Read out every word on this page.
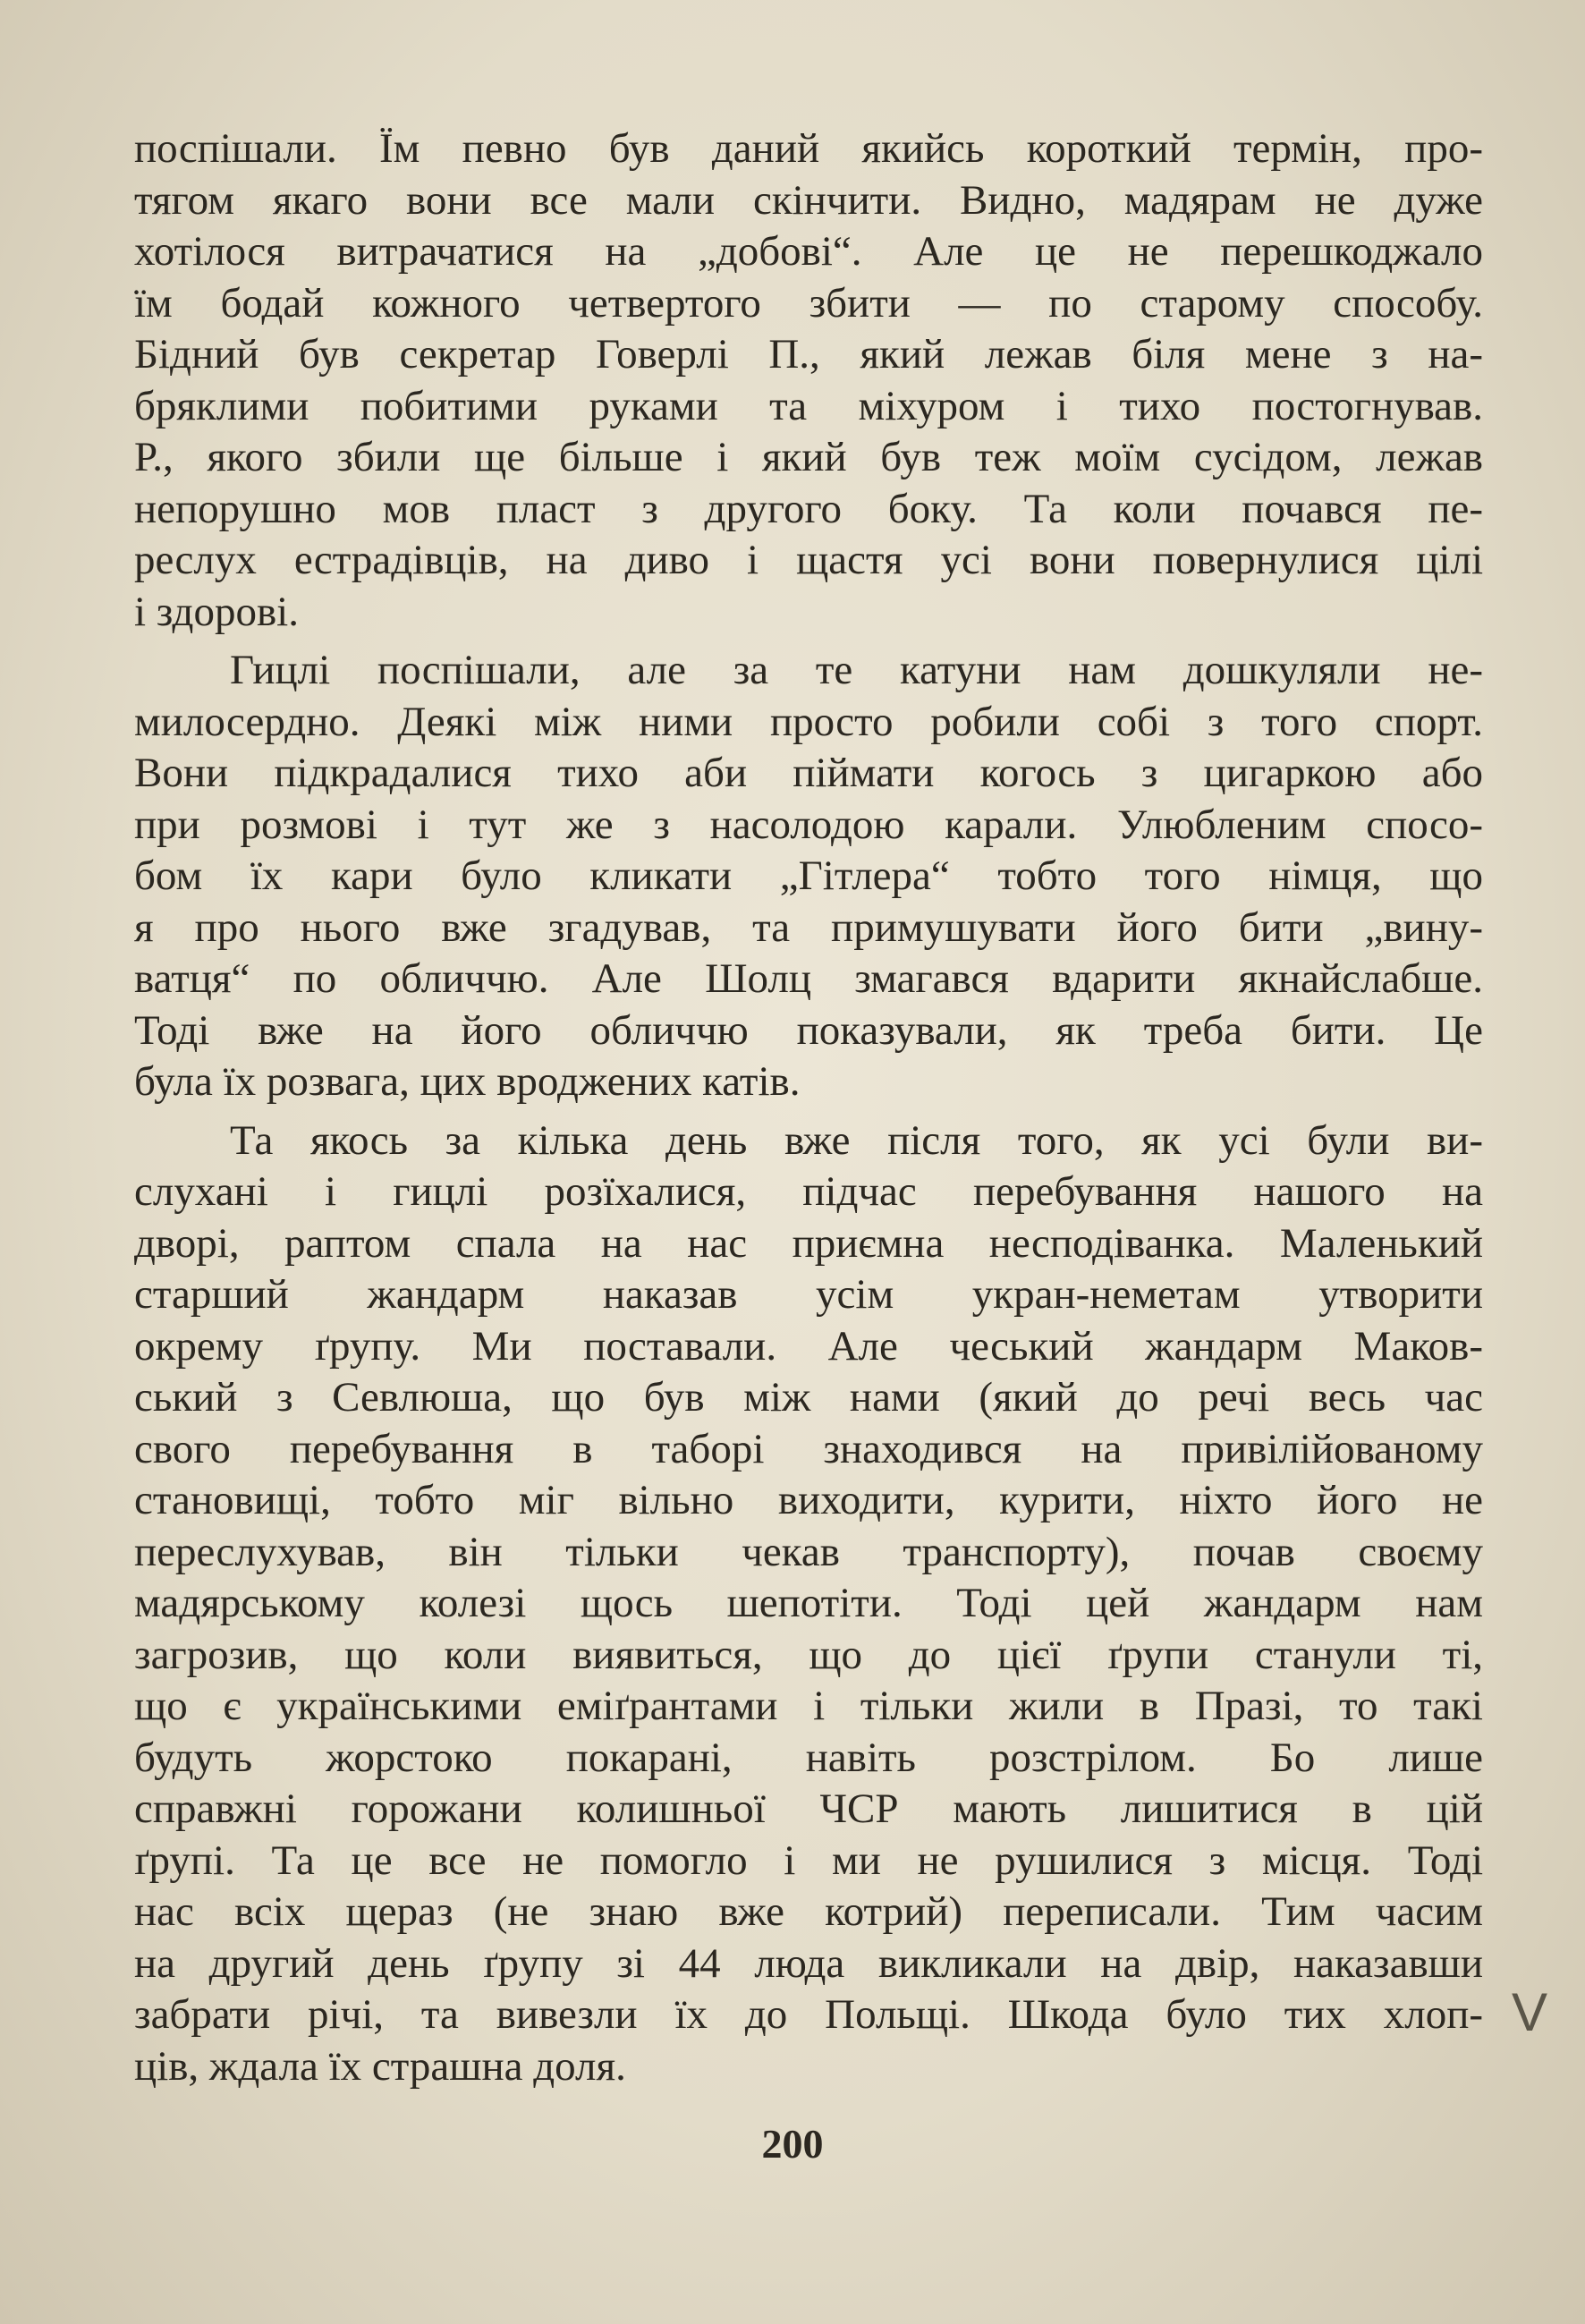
поспішали. Їм певно був даний якийсь короткий термін, про-
тягом якаго вони все мали скінчити. Видно, мадярам не дуже
хотілося витрачатися на „добові“. Але це не перешкоджало
їм бодай кожного четвертого збити — по старому способу.
Бідний був секретар Говерлі П., який лежав біля мене з на-
бряклими побитими руками та міхуром і тихо постогнував.
Р., якого збили ще більше і який був теж моїм сусідом, лежав
непорушно мов пласт з другого боку. Та коли почався пе-
реслух естрадівців, на диво і щастя усі вони повернулися цілі
і здорові.
Гицлі поспішали, але за те катуни нам дошкуляли не-
милосердно. Деякі між ними просто робили собі з того спорт.
Вони підкрадалися тихо аби піймати когось з цигаркою або
при розмові і тут же з насолодою карали. Улюбленим спосо-
бом їх кари було кликати „Гітлера“ тобто того німця, що
я про нього вже згадував, та примушувати його бити „вину-
ватця“ по обличчю. Але Шолц змагався вдарити якнайслабше.
Тоді вже на його обличчю показували, як треба бити. Це
була їх розвага, цих вроджених катів.
Та якось за кілька день вже після того, як усі були ви-
слухані і гицлі розїхалися, підчас перебування нашого на
дворі, раптом спала на нас приємна несподіванка. Маленький
старший жандарм наказав усім укран-неметам утворити
окрему ґрупу. Ми поставали. Але чеський жандарм Маков-
ський з Севлюша, що був між нами (який до речі весь час
свого перебування в таборі знаходився на привілійованому
становищі, тобто міг вільно виходити, курити, ніхто його не
переслухував, він тільки чекав транспорту), почав своєму
мадярському колезі щось шепотіти. Тоді цей жандарм нам
загрозив, що коли виявиться, що до цієї ґрупи станули ті,
що є українськими еміґрантами і тільки жили в Празі, то такі
будуть жорстоко покарані, навіть розстрілом. Бо лише
справжні горожани колишньої ЧСР мають лишитися в цій
ґрупі. Та це все не помогло і ми не рушилися з місця. Тоді
нас всіх щераз (не знаю вже котрий) переписали. Тим часим
на другий день ґрупу зі 44 люда викликали на двір, наказавши
забрати річі, та вивезли їх до Польщі. Шкода було тих хлоп-
ців, ждала їх страшна доля.
200
V
